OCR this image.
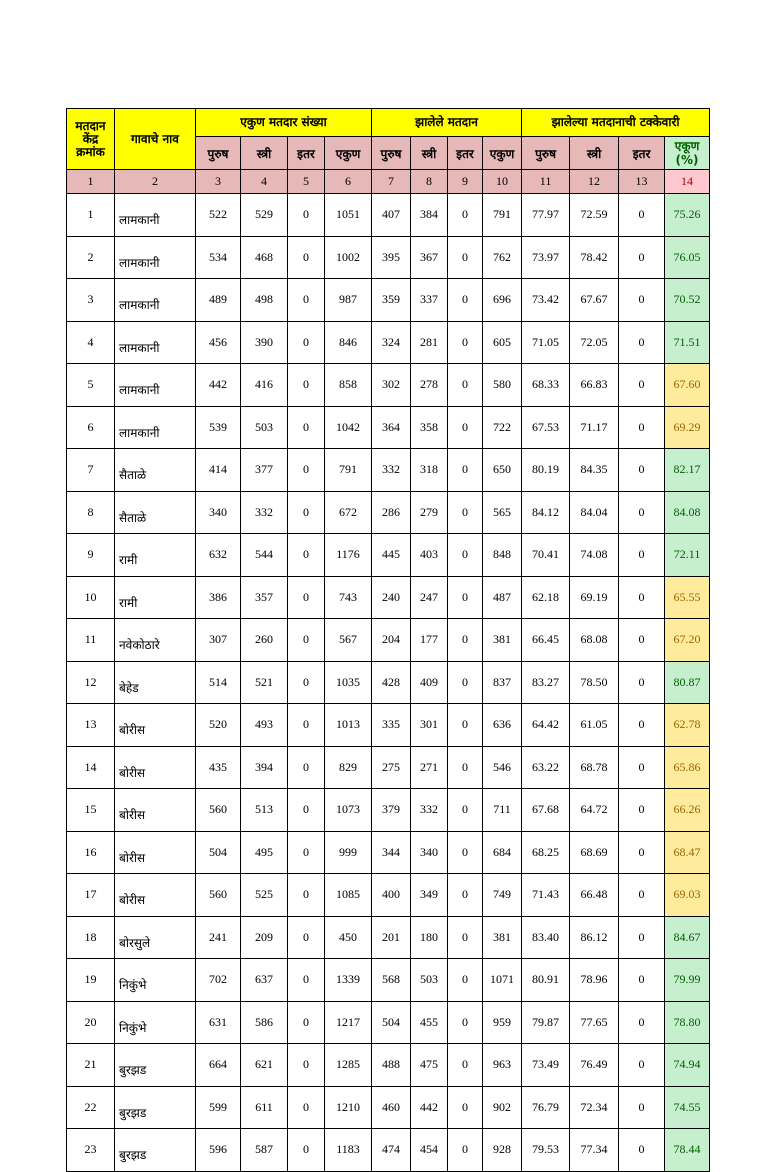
मतदान केंद्र क्रमांक	गावाचे नाव	एकुण मतदार संख्या				झालेले मतदान				झालेल्या मतदानाची टक्केवारी			
		पुरुष	स्त्री	इतर	एकुण	पुरुष	स्त्री	इतर	एकुण	पुरुष	स्त्री	इतर	एकूण (%)
1	2	3	4	5	6	7	8	9	10	11	12	13	14
1	लामकानी	522	529	0	1051	407	384	0	791	77.97	72.59	0	75.26
2	लामकानी	534	468	0	1002	395	367	0	762	73.97	78.42	0	76.05
3	लामकानी	489	498	0	987	359	337	0	696	73.42	67.67	0	70.52
4	लामकानी	456	390	0	846	324	281	0	605	71.05	72.05	0	71.51
5	लामकानी	442	416	0	858	302	278	0	580	68.33	66.83	0	67.60
6	लामकानी	539	503	0	1042	364	358	0	722	67.53	71.17	0	69.29
7	सैताळे	414	377	0	791	332	318	0	650	80.19	84.35	0	82.17
8	सैताळे	340	332	0	672	286	279	0	565	84.12	84.04	0	84.08
9	रामी	632	544	0	1176	445	403	0	848	70.41	74.08	0	72.11
10	रामी	386	357	0	743	240	247	0	487	62.18	69.19	0	65.55
11	नवेकोठारे	307	260	0	567	204	177	0	381	66.45	68.08	0	67.20
12	बेहेड	514	521	0	1035	428	409	0	837	83.27	78.50	0	80.87
13	बोरीस	520	493	0	1013	335	301	0	636	64.42	61.05	0	62.78
14	बोरीस	435	394	0	829	275	271	0	546	63.22	68.78	0	65.86
15	बोरीस	560	513	0	1073	379	332	0	711	67.68	64.72	0	66.26
16	बोरीस	504	495	0	999	344	340	0	684	68.25	68.69	0	68.47
17	बोरीस	560	525	0	1085	400	349	0	749	71.43	66.48	0	69.03
18	बोरसुले	241	209	0	450	201	180	0	381	83.40	86.12	0	84.67
19	निकुंभे	702	637	0	1339	568	503	0	1071	80.91	78.96	0	79.99
20	निकुंभे	631	586	0	1217	504	455	0	959	79.87	77.65	0	78.80
21	बुरझड	664	621	0	1285	488	475	0	963	73.49	76.49	0	74.94
22	बुरझड	599	611	0	1210	460	442	0	902	76.79	72.34	0	74.55
23	बुरझड	596	587	0	1183	474	454	0	928	79.53	77.34	0	78.44
